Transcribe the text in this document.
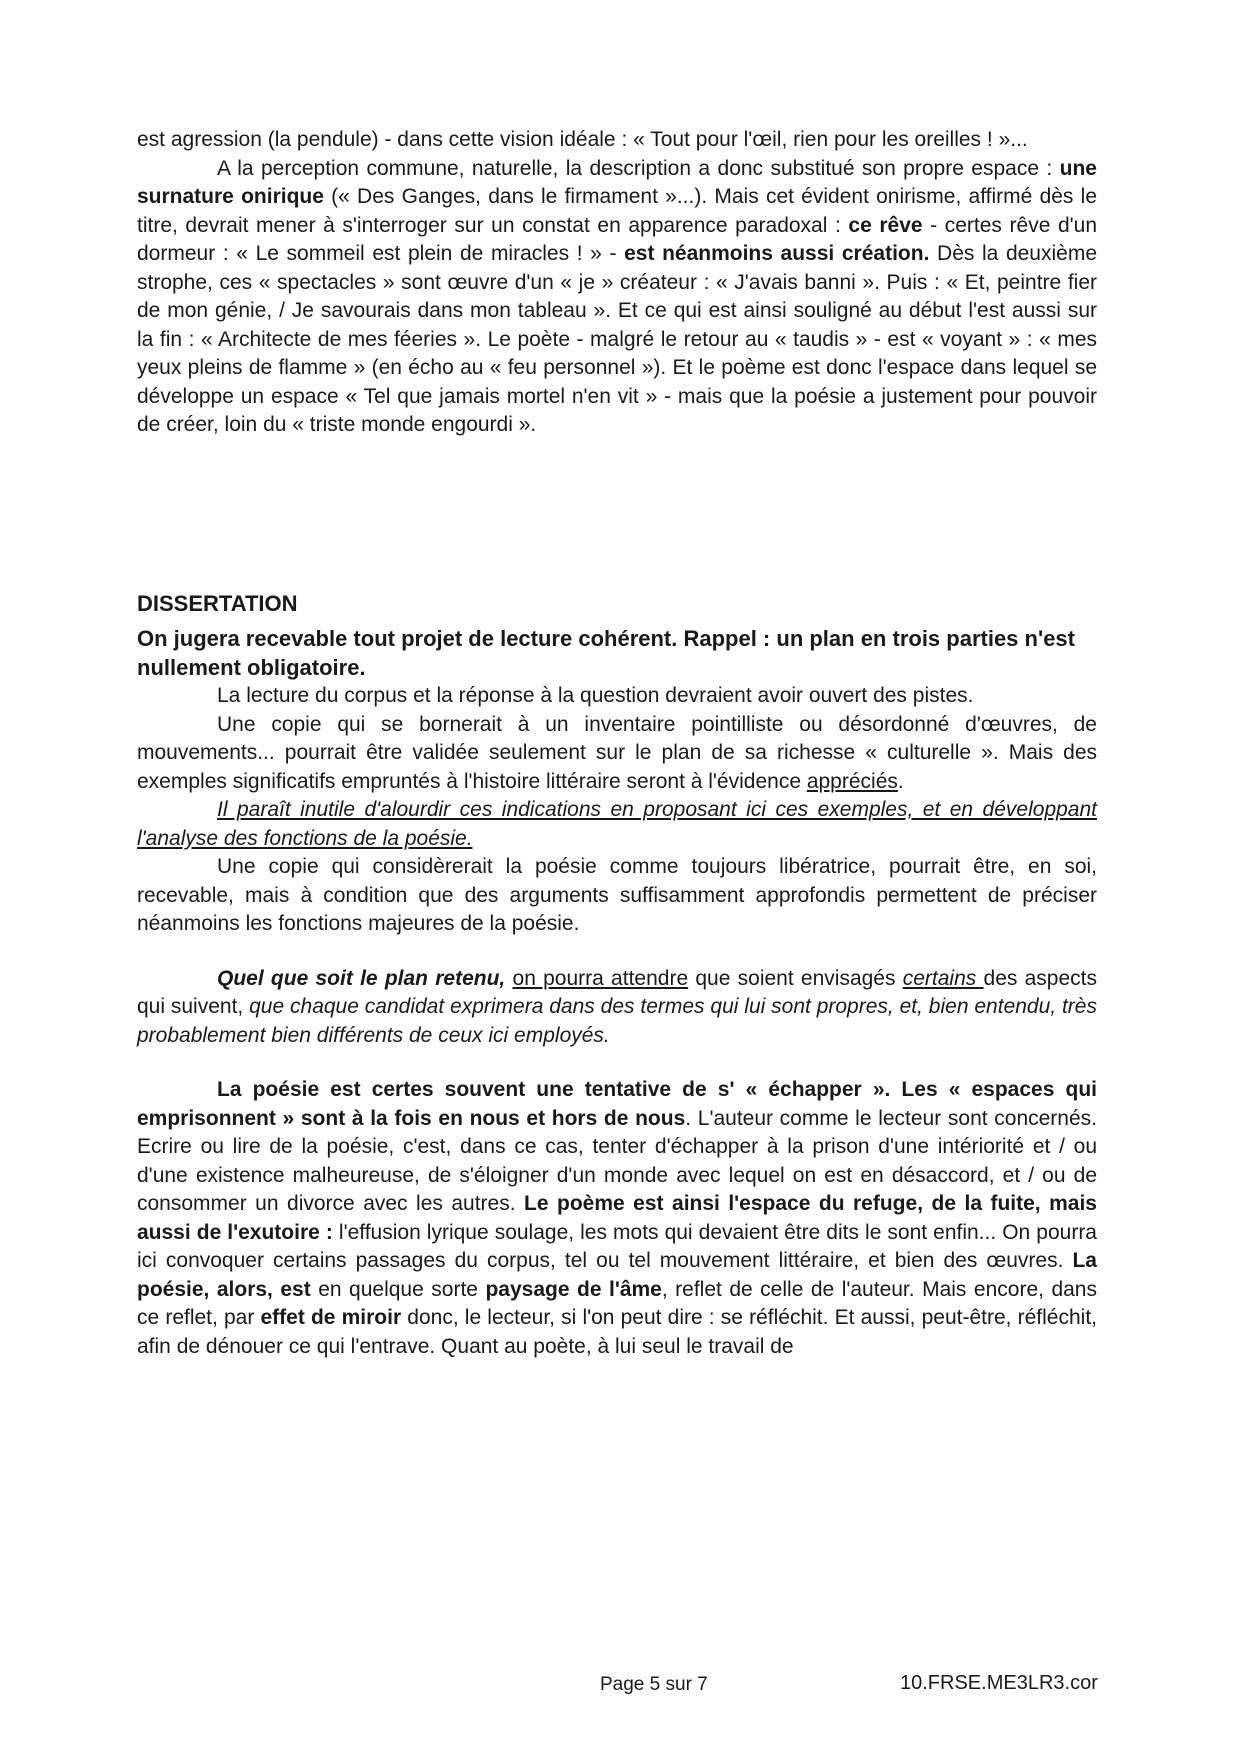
est agression (la pendule) - dans cette vision idéale : « Tout pour l'œil, rien pour les oreilles ! »...

A la perception commune, naturelle, la description a donc substitué son propre espace : une surnature onirique (« Des Ganges, dans le firmament »...). Mais cet évident onirisme, affirmé dès le titre, devrait mener à s'interroger sur un constat en apparence paradoxal : ce rêve - certes rêve d'un dormeur : « Le sommeil est plein de miracles ! » - est néanmoins aussi création. Dès la deuxième strophe, ces « spectacles » sont œuvre d'un « je » créateur : « J'avais banni ». Puis : « Et, peintre fier de mon génie, / Je savourais dans mon tableau ». Et ce qui est ainsi souligné au début l'est aussi sur la fin : « Architecte de mes féeries ». Le poète - malgré le retour au « taudis » - est « voyant » : « mes yeux pleins de flamme » (en écho au « feu personnel »). Et le poème est donc l'espace dans lequel se développe un espace « Tel que jamais mortel n'en vit » - mais que la poésie a justement pour pouvoir de créer, loin du « triste monde engourdi ».

DISSERTATION

On jugera recevable tout projet de lecture cohérent. Rappel : un plan en trois parties n'est nullement obligatoire.

La lecture du corpus et la réponse à la question devraient avoir ouvert des pistes.

Une copie qui se bornerait à un inventaire pointilliste ou désordonné d'œuvres, de mouvements... pourrait être validée seulement sur le plan de sa richesse « culturelle ». Mais des exemples significatifs empruntés à l'histoire littéraire seront à l'évidence appréciés.

Il paraît inutile d'alourdir ces indications en proposant ici ces exemples, et en développant l'analyse des fonctions de la poésie.

Une copie qui considèrerait la poésie comme toujours libératrice, pourrait être, en soi, recevable, mais à condition que des arguments suffisamment approfondis permettent de préciser néanmoins les fonctions majeures de la poésie.

Quel que soit le plan retenu, on pourra attendre que soient envisagés certains des aspects qui suivent, que chaque candidat exprimera dans des termes qui lui sont propres, et, bien entendu, très probablement bien différents de ceux ici employés.

La poésie est certes souvent une tentative de s' « échapper ». Les « espaces qui emprisonnent » sont à la fois en nous et hors de nous. L'auteur comme le lecteur sont concernés. Ecrire ou lire de la poésie, c'est, dans ce cas, tenter d'échapper à la prison d'une intériorité et / ou d'une existence malheureuse, de s'éloigner d'un monde avec lequel on est en désaccord, et / ou de consommer un divorce avec les autres. Le poème est ainsi l'espace du refuge, de la fuite, mais aussi de l'exutoire : l'effusion lyrique soulage, les mots qui devaient être dits le sont enfin... On pourra ici convoquer certains passages du corpus, tel ou tel mouvement littéraire, et bien des œuvres. La poésie, alors, est en quelque sorte paysage de l'âme, reflet de celle de l'auteur. Mais encore, dans ce reflet, par effet de miroir donc, le lecteur, si l'on peut dire : se réfléchit. Et aussi, peut-être, réfléchit, afin de dénouer ce qui l'entrave. Quant au poète, à lui seul le travail de

Page 5 sur 7	10.FRSE.ME3LR3.cor
